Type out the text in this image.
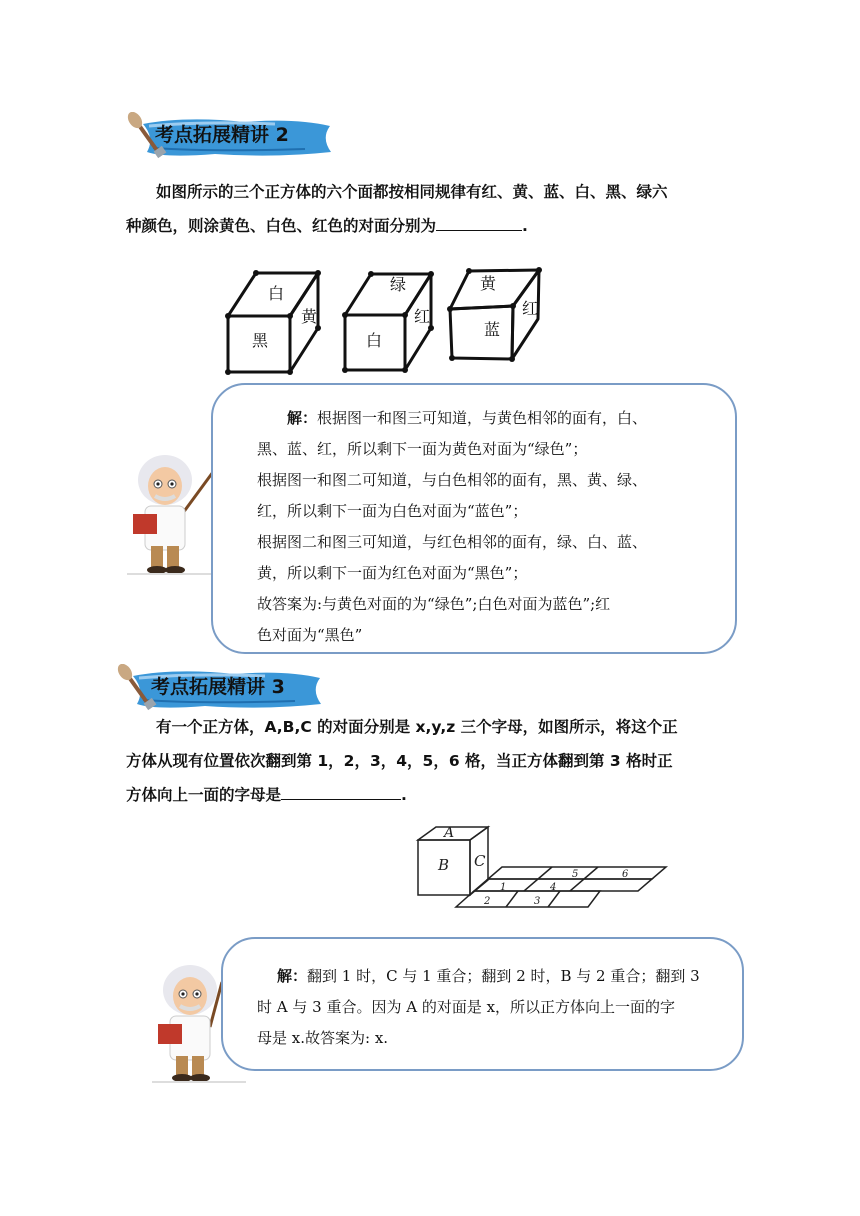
考点拓展精讲 2
如图所示的三个正方体的六个面都按相同规律有红、黄、蓝、白、黑、绿六
种颜色，则涂黄色、白色、红色的对面分别为	.
白
黑
黄
绿
白
红
黄
蓝
红
解：根据图一和图三可知道，与黄色相邻的面有，白、
黑、蓝、红，所以剩下一面为黄色对面为“绿色”；
根据图一和图二可知道，与白色相邻的面有，黑、黄、绿、
红，所以剩下一面为白色对面为“蓝色”；
根据图二和图三可知道，与红色相邻的面有，绿、白、蓝、
黄，所以剩下一面为红色对面为“黑色”；
故答案为:与黄色对面的为“绿色”;白色对面为蓝色”;红
色对面为“黑色”
考点拓展精讲 3
有一个正方体，A,B,C 的对面分别是 x,y,z 三个字母，如图所示，将这个正
方体从现有位置依次翻到第 1，2，3，4，5，6 格，当正方体翻到第 3 格时正
方体向上一面的字母是	.
A
B C
1
2	3
4
5	6
解：翻到 1 时，C 与 1 重合；翻到 2 时，B 与 2 重合；翻到 3
时 A 与 3 重合。因为 A 的对面是 x，所以正方体向上一面的字
母是 x.故答案为: x.
